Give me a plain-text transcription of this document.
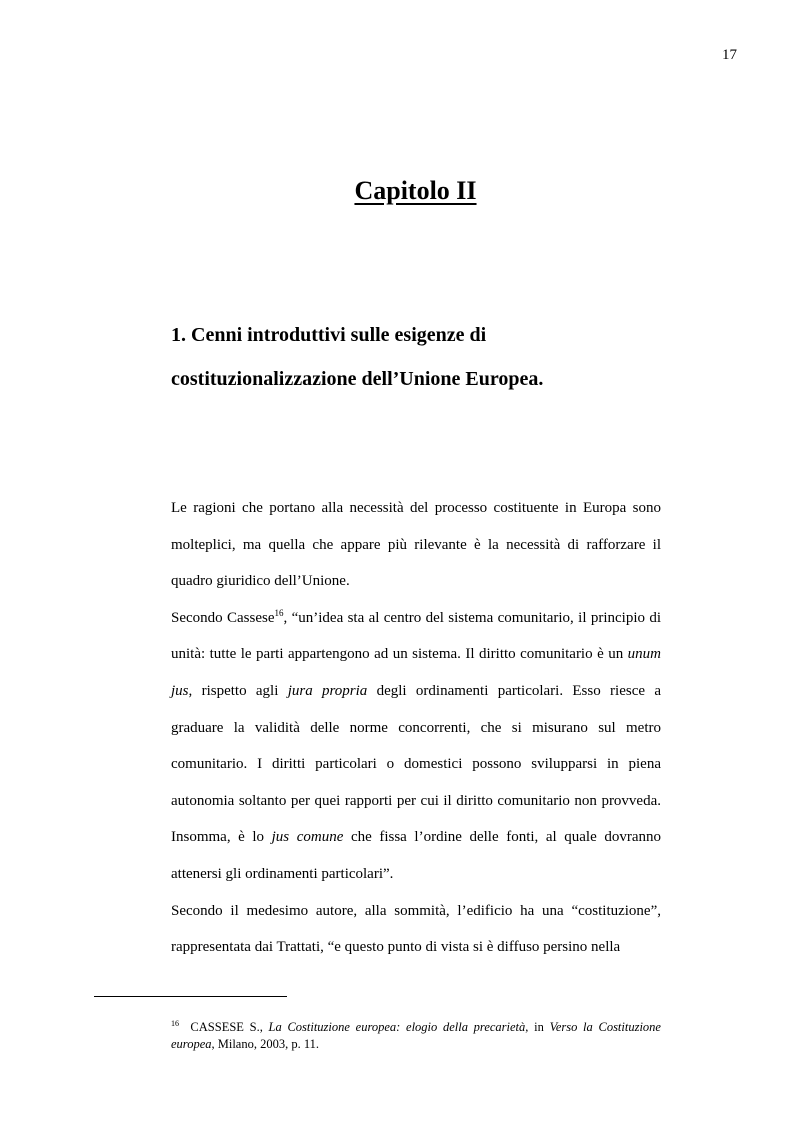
17
Capitolo II
1. Cenni introduttivi sulle esigenze di
costituzionalizzazione dell’Unione Europea.

Le ragioni che portano alla necessità del processo costituente in Europa sono molteplici, ma quella che appare più rilevante è la necessità di rafforzare il quadro giuridico dell’Unione.

Secondo Cassese$^{16}$, “un’idea sta al centro del sistema comunitario, il principio di unità: tutte le parti appartengono ad un sistema. Il diritto comunitario è un unum jus, rispetto agli jura propria degli ordinamenti particolari. Esso riesce a graduare la validità delle norme concorrenti, che si misurano sul metro comunitario. I diritti particolari o domestici possono svilupparsi in piena autonomia soltanto per quei rapporti per cui il diritto comunitario non provveda. Insomma, è lo jus comune che fissa l’ordine delle fonti, al quale dovranno attenersi gli ordinamenti particolari”.

Secondo il medesimo autore, alla sommità, l’edificio ha una “costituzione”, rappresentata dai Trattati, “e questo punto di vista si è diffuso persino nella

$^{16}$ CASSESE S., La Costituzione europea: elogio della precarietà, in Verso la Costituzione europea, Milano, 2003, p. 11.
